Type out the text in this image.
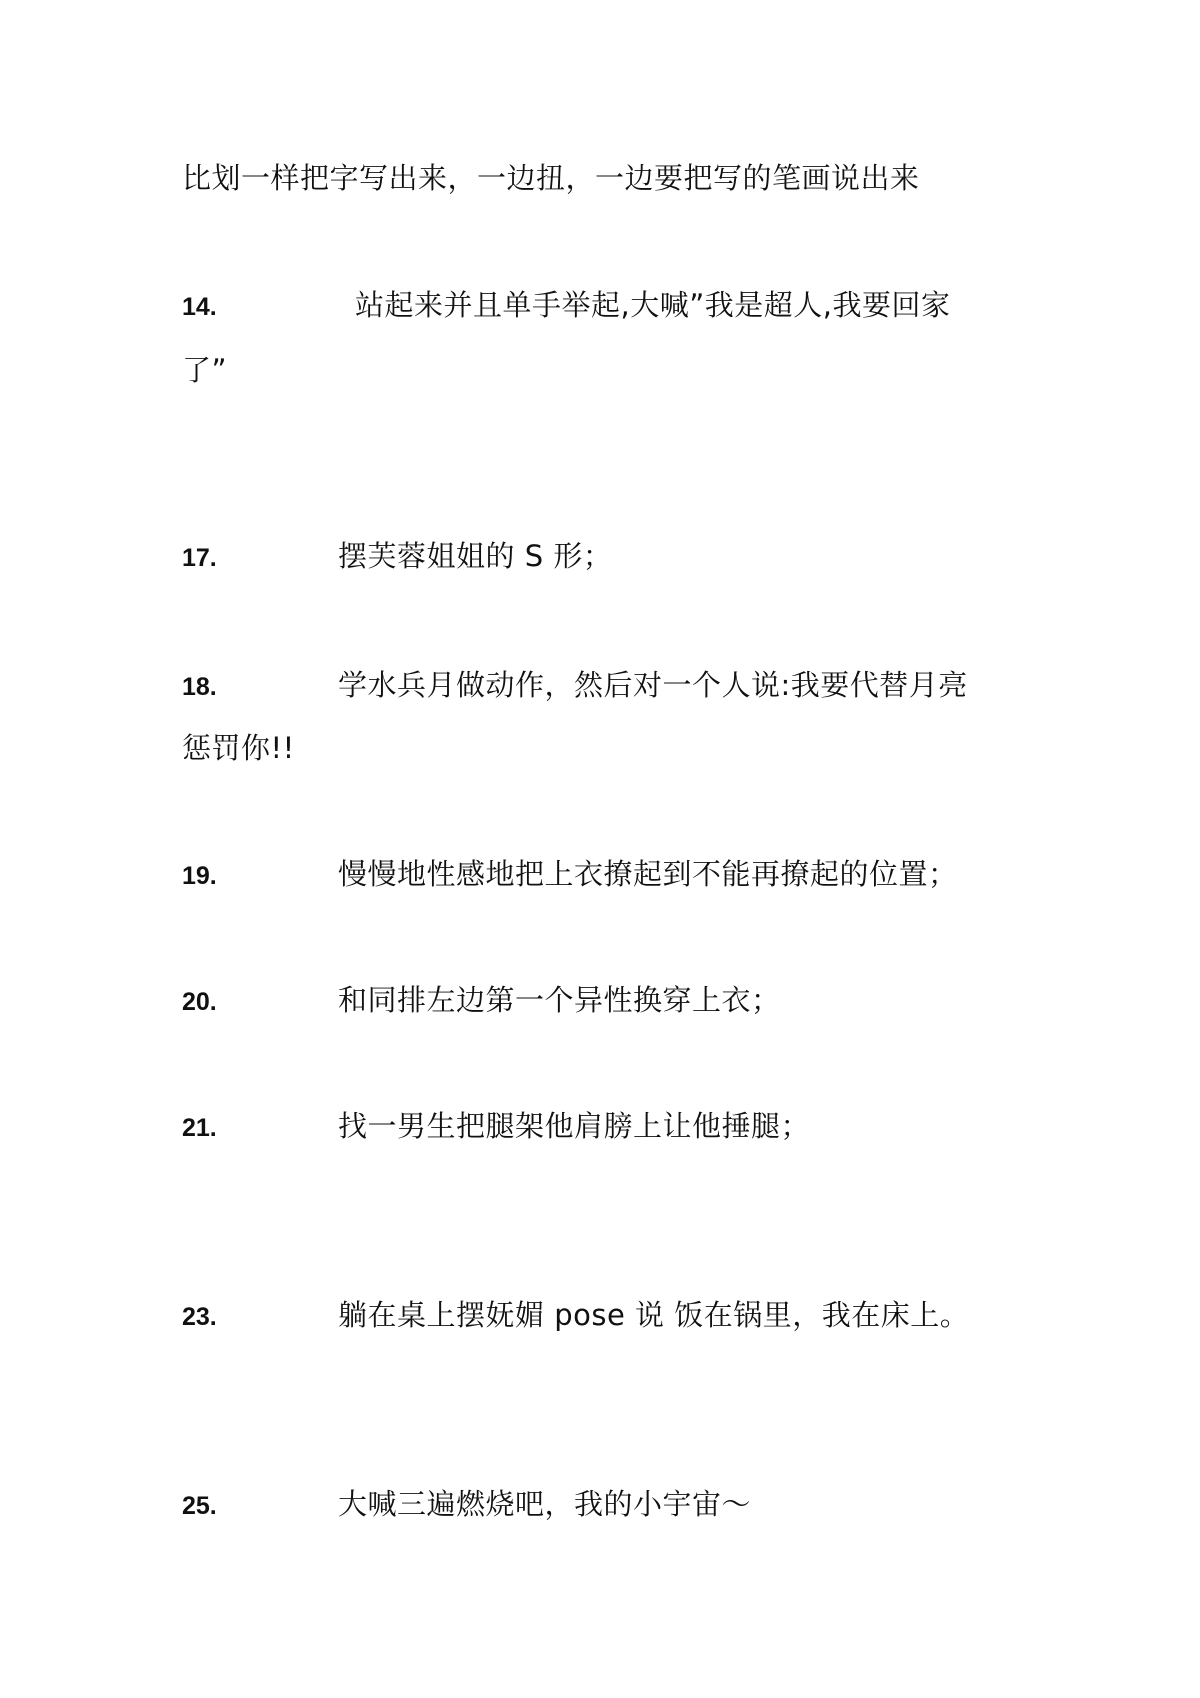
比划一样把字写出来，一边扭，一边要把写的笔画说出来
14.	站起来并且单手举起,大喊”我是超人,我要回家
了”
17.	摆芙蓉姐姐的 S 形；
18.	学水兵月做动作，然后对一个人说:我要代替月亮
惩罚你!!
19.	慢慢地性感地把上衣撩起到不能再撩起的位置；
20.	和同排左边第一个异性换穿上衣；
21.	找一男生把腿架他肩膀上让他捶腿；
23.	躺在桌上摆妩媚 pose 说 饭在锅里，我在床上。
25.	大喊三遍燃烧吧，我的小宇宙～
